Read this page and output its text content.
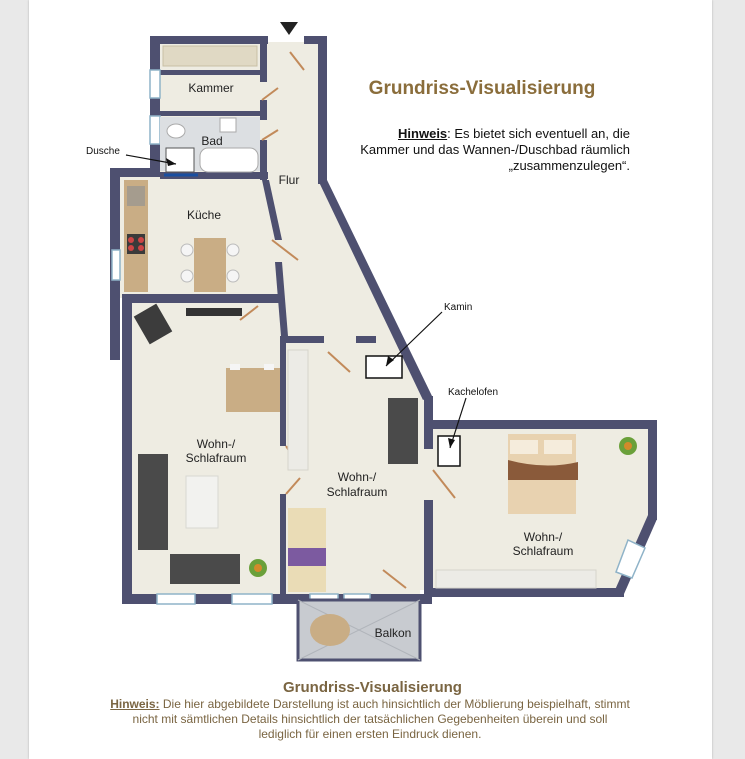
Kammer
Bad
Flur
Küche
Wohn-/
Schlafraum
Wohn-/
Schlafraum
Wohn-/
Schlafraum
Balkon
Dusche
Kamin
Kachelofen
Grundriss-Visualisierung
Hinweis: Es bietet sich eventuell an, die Kammer und das Wannen-/Duschbad räumlich „zusammenzulegen“.
Grundriss-Visualisierung
Hinweis: Die hier abgebildete Darstellung ist auch hinsichtlich der Möblierung beispielhaft, stimmt nicht mit sämtlichen Details hinsichtlich der tatsächlichen Gegebenheiten überein und soll lediglich für einen ersten Eindruck dienen.
